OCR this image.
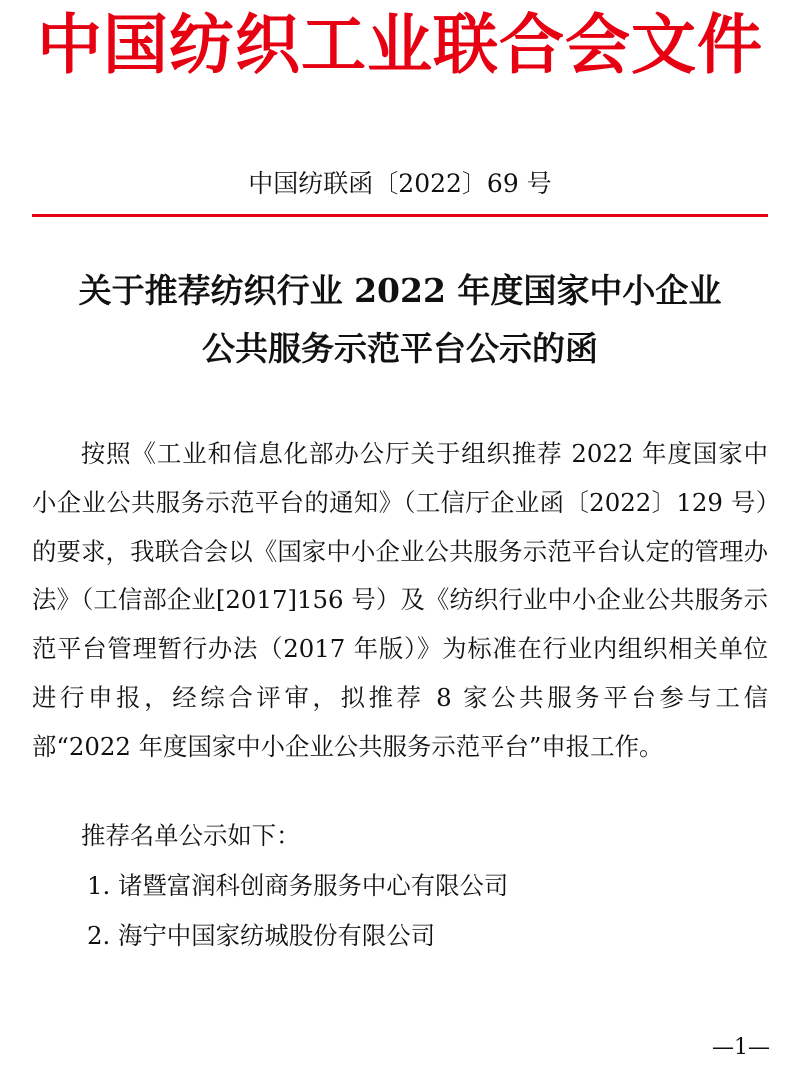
中国纺织工业联合会文件
中国纺联函〔2022〕69 号
关于推荐纺织行业 2022 年度国家中小企业
公共服务示范平台公示的函

按照《工业和信息化部办公厅关于组织推荐 2022 年度国家中小企业公共服务示范平台的通知》（工信厅企业函〔2022〕129 号）的要求，我联合会以《国家中小企业公共服务示范平台认定的管理办法》（工信部企业[2017]156 号）及《纺织行业中小企业公共服务示范平台管理暂行办法（2017 年版）》为标准在行业内组织相关单位进行申报，经综合评审，拟推荐 8 家公共服务平台参与工信部“2022 年度国家中小企业公共服务示范平台”申报工作。

推荐名单公示如下：
1. 诸暨富润科创商务服务中心有限公司
2. 海宁中国家纺城股份有限公司
—1—
